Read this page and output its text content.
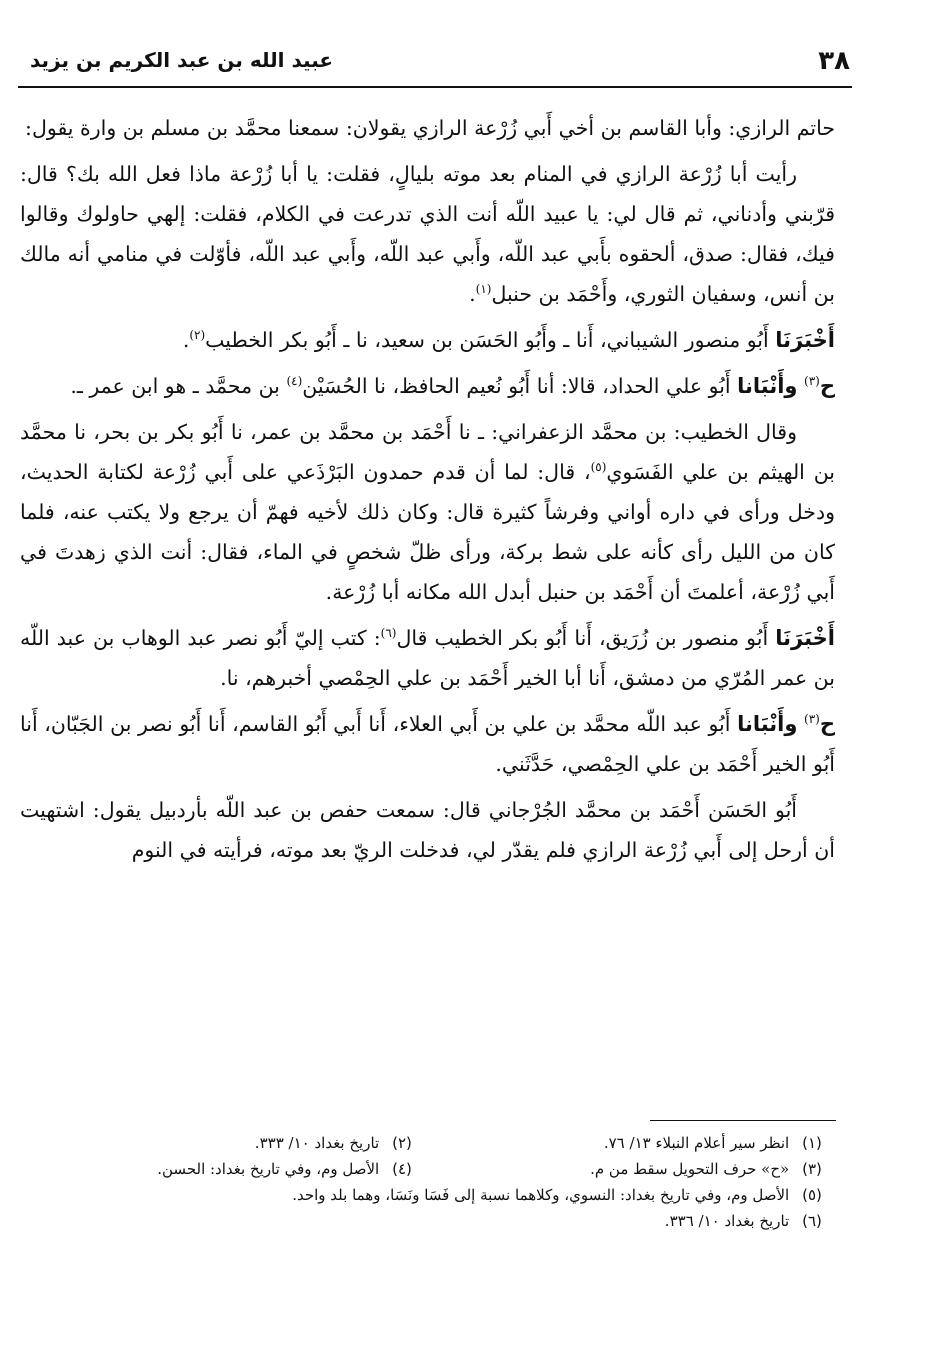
٣٨
عبيد الله بن عبد الكريم بن يزيد

حاتم الرازي: وأبا القاسم بن أخي أَبي زُرْعة الرازي يقولان: سمعنا محمَّد بن مسلم بن وارة يقول:

رأيت أبا زُرْعة الرازي في المنام بعد موته بليالٍ، فقلت: يا أبا زُرْعة ماذا فعل الله بك؟ قال: قرّبني وأدناني، ثم قال لي: يا عبيد اللّه أنت الذي تدرعت في الكلام، فقلت: إلهي حاولوك وقالوا فيك، فقال: صدق، ألحقوه بأَبي عبد اللّه، وأَبي عبد اللّه، وأَبي عبد اللّه، فأوّلت في منامي أنه مالك بن أنس، وسفيان الثوري، وأَحْمَد بن حنبل$^{(١)}$.

أَخْبَرَنَا أَبُو منصور الشيباني، أَنا ـ وأَبُو الحَسَن بن سعيد، نا ـ أَبُو بكر الخطيب$^{(٢)}$.

ح$^{(٣)}$ وأَنْبَانا أَبُو علي الحداد، قالا: أنا أَبُو نُعيم الحافظ، نا الحُسَيْن$^{(٤)}$ بن محمَّد ـ هو ابن عمر ـ.

وقال الخطيب: بن محمَّد الزعفراني: ـ نا أَحْمَد بن محمَّد بن عمر، نا أَبُو بكر بن بحر، نا محمَّد بن الهيثم بن علي الفَسَوي$^{(٥)}$، قال: لما أن قدم حمدون البَرْذَعي على أَبي زُرْعة لكتابة الحديث، ودخل ورأى في داره أواني وفرشاً كثيرة قال: وكان ذلك لأخيه فهمّ أن يرجع ولا يكتب عنه، فلما كان من الليل رأى كأنه على شط بركة، ورأى ظلّ شخصٍ في الماء، فقال: أنت الذي زهدتَ في أَبي زُرْعة، أعلمتَ أن أَحْمَد بن حنبل أبدل الله مكانه أبا زُرْعة.

أَخْبَرَنَا أَبُو منصور بن زُرَيق، أَنا أَبُو بكر الخطيب قال$^{(٦)}$: كتب إليّ أَبُو نصر عبد الوهاب بن عبد اللّه بن عمر المُرّي من دمشق، أَنا أبا الخير أَحْمَد بن علي الحِمْصي أخبرهم، نا.

ح$^{(٣)}$ وأَنْبَانا أَبُو عبد اللّه محمَّد بن علي بن أَبي العلاء، أَنا أَبي أَبُو القاسم، أَنا أَبُو نصر بن الجَبّان، أَنا أَبُو الخير أَحْمَد بن علي الحِمْصي، حَدَّثَني.

أَبُو الحَسَن أَحْمَد بن محمَّد الجُرْجاني قال: سمعت حفص بن عبد اللّه بأردبيل يقول: اشتهيت أن أرحل إلى أَبي زُرْعة الرازي فلم يقدّر لي، فدخلت الريّ بعد موته، فرأيته في النوم

(١) انظر سير أعلام النبلاء ١٣/ ٧٦.
(٢) تاريخ بغداد ١٠/ ٣٣٣.
(٣) «ح» حرف التحويل سقط من م.
(٤) الأصل وم، وفي تاريخ بغداد: الحسن.
(٥) الأصل وم، وفي تاريخ بغداد: النسوي، وكلاهما نسبة إلى فَسَا ونَسَا، وهما بلد واحد.
(٦) تاريخ بغداد ١٠/ ٣٣٦.
